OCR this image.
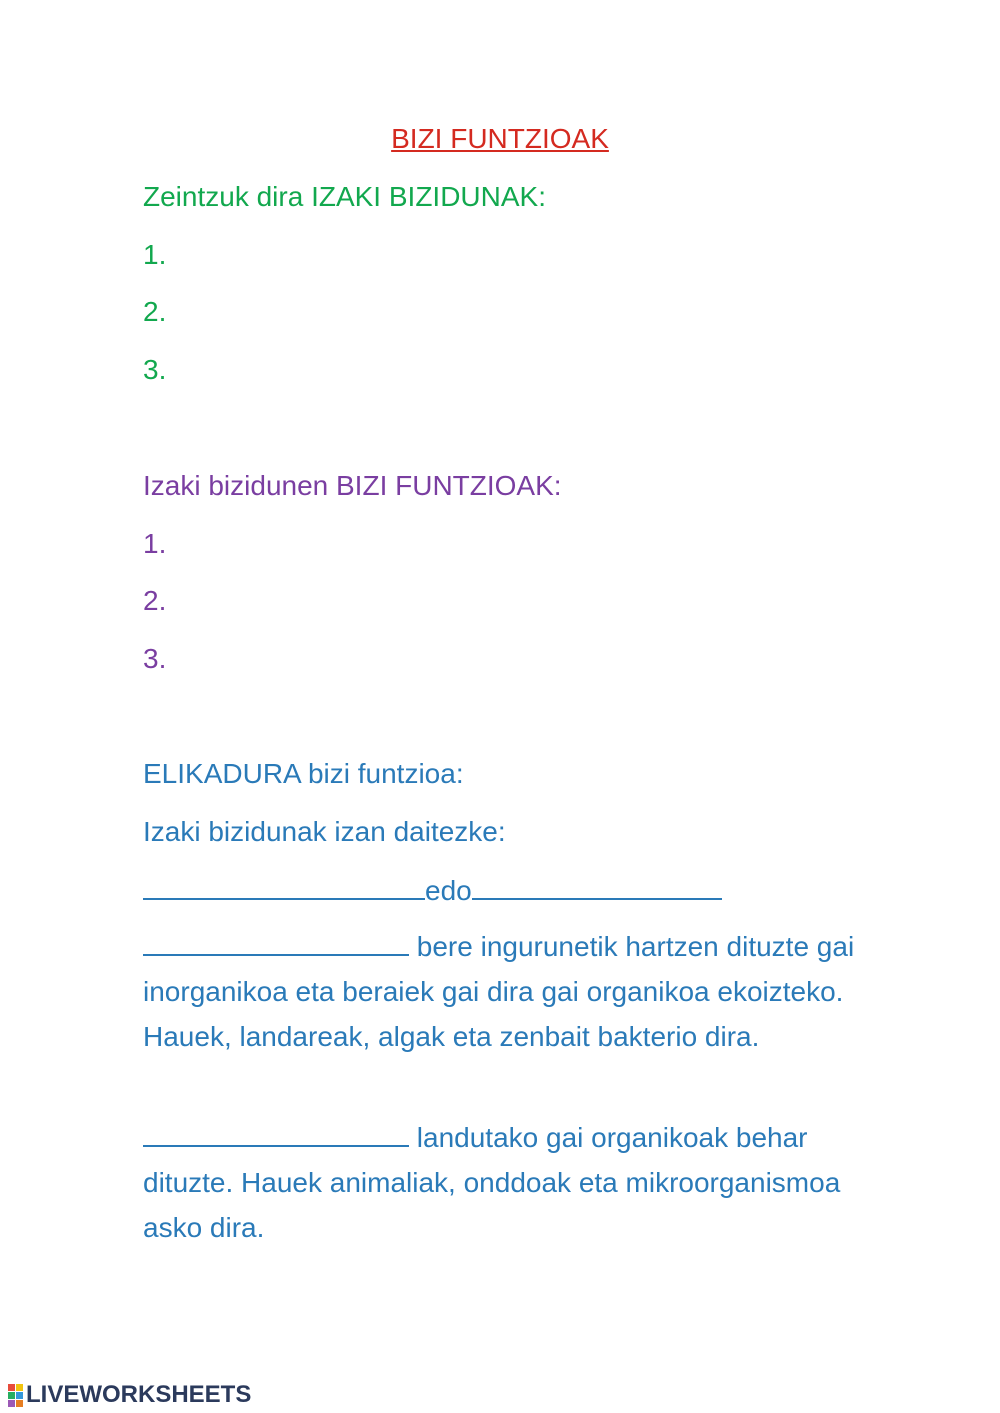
BIZI FUNTZIOAK
Zeintzuk dira IZAKI BIZIDUNAK:
1.
2.
3.
Izaki bizidunen BIZI FUNTZIOAK:
1.
2.
3.
ELIKADURA bizi funtzioa:
Izaki bizidunak izan daitezke:
edo
bere ingurunetik hartzen dituzte gai inorganikoa eta beraiek gai dira gai organikoa ekoizteko. Hauek, landareak, algak eta zenbait bakterio dira.
landutako gai organikoak behar dituzte. Hauek animaliak, onddoak eta mikroorganismoa asko dira.
LIVEWORKSHEETS
